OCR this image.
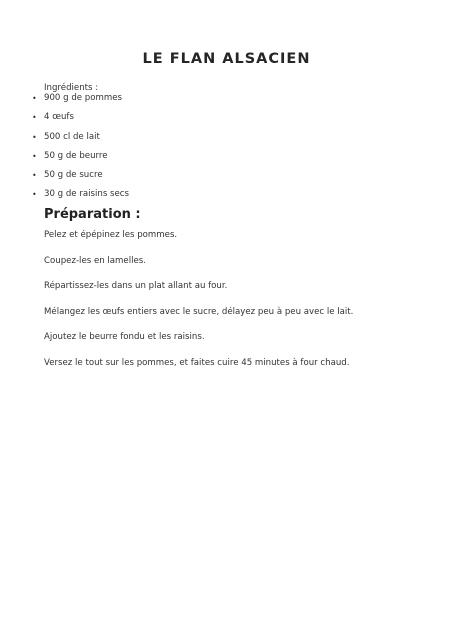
LE FLAN ALSACIEN
Ingrédients :
• 900 g de pommes
• 4 œufs
• 500 cl de lait
• 50 g de beurre
• 50 g de sucre
• 30 g de raisins secs
Préparation :
Pelez et épépinez les pommes.
Coupez-les en lamelles.
Répartissez-les dans un plat allant au four.
Mélangez les œufs entiers avec le sucre, délayez peu à peu avec le lait.
Ajoutez le beurre fondu et les raisins.
Versez le tout sur les pommes, et faites cuire 45 minutes à four chaud.
